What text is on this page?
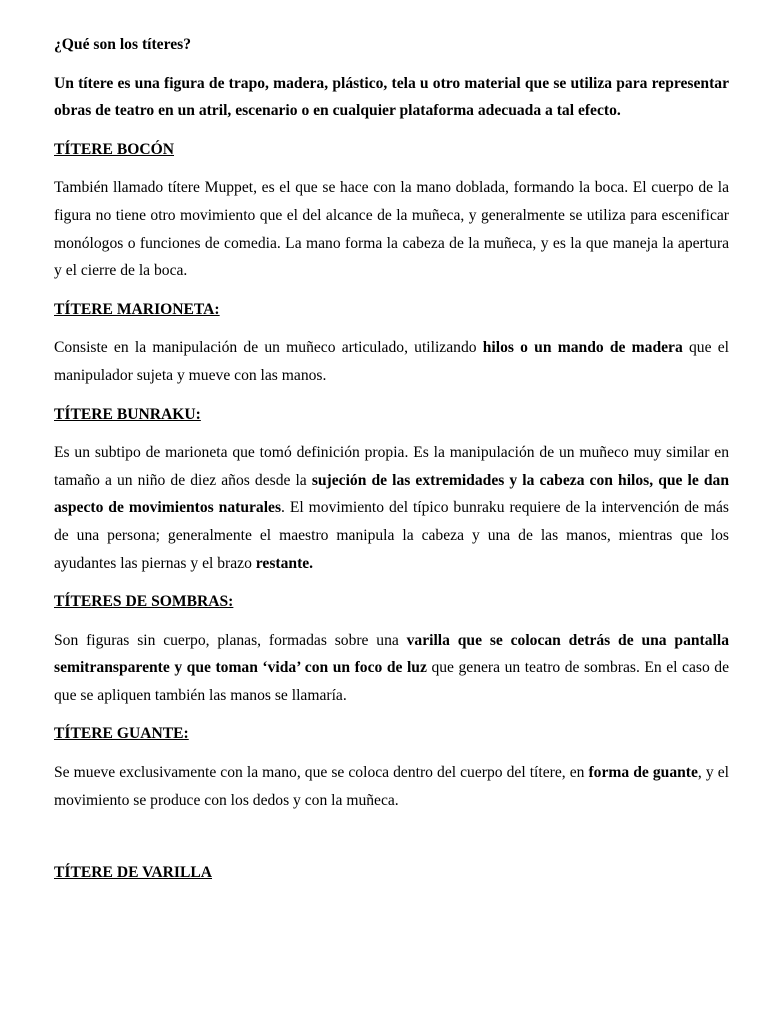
¿Qué son los títeres?

Un títere es una figura de trapo, madera, plástico, tela u otro material que se utiliza para representar obras de teatro en un atril, escenario o en cualquier plataforma adecuada a tal efecto.

TÍTERE BOCÓN

También llamado títere Muppet, es el que se hace con la mano doblada, formando la boca. El cuerpo de la figura no tiene otro movimiento que el del alcance de la muñeca, y generalmente se utiliza para escenificar monólogos o funciones de comedia. La mano forma la cabeza de la muñeca, y es la que maneja la apertura y el cierre de la boca.

TÍTERE MARIONETA:

Consiste en la manipulación de un muñeco articulado, utilizando hilos o un mando de madera que el manipulador sujeta y mueve con las manos.

TÍTERE BUNRAKU:

Es un subtipo de marioneta que tomó definición propia. Es la manipulación de un muñeco muy similar en tamaño a un niño de diez años desde la sujeción de las extremidades y la cabeza con hilos, que le dan aspecto de movimientos naturales. El movimiento del típico bunraku requiere de la intervención de más de una persona; generalmente el maestro manipula la cabeza y una de las manos, mientras que los ayudantes las piernas y el brazo restante.

TÍTERES DE SOMBRAS:

Son figuras sin cuerpo, planas, formadas sobre una varilla que se colocan detrás de una pantalla semitransparente y que toman ‘vida’ con un foco de luz que genera un teatro de sombras. En el caso de que se apliquen también las manos se llamaría.

TÍTERE GUANTE:

Se mueve exclusivamente con la mano, que se coloca dentro del cuerpo del títere, en forma de guante, y el movimiento se produce con los dedos y con la muñeca.

TÍTERE DE VARILLA
